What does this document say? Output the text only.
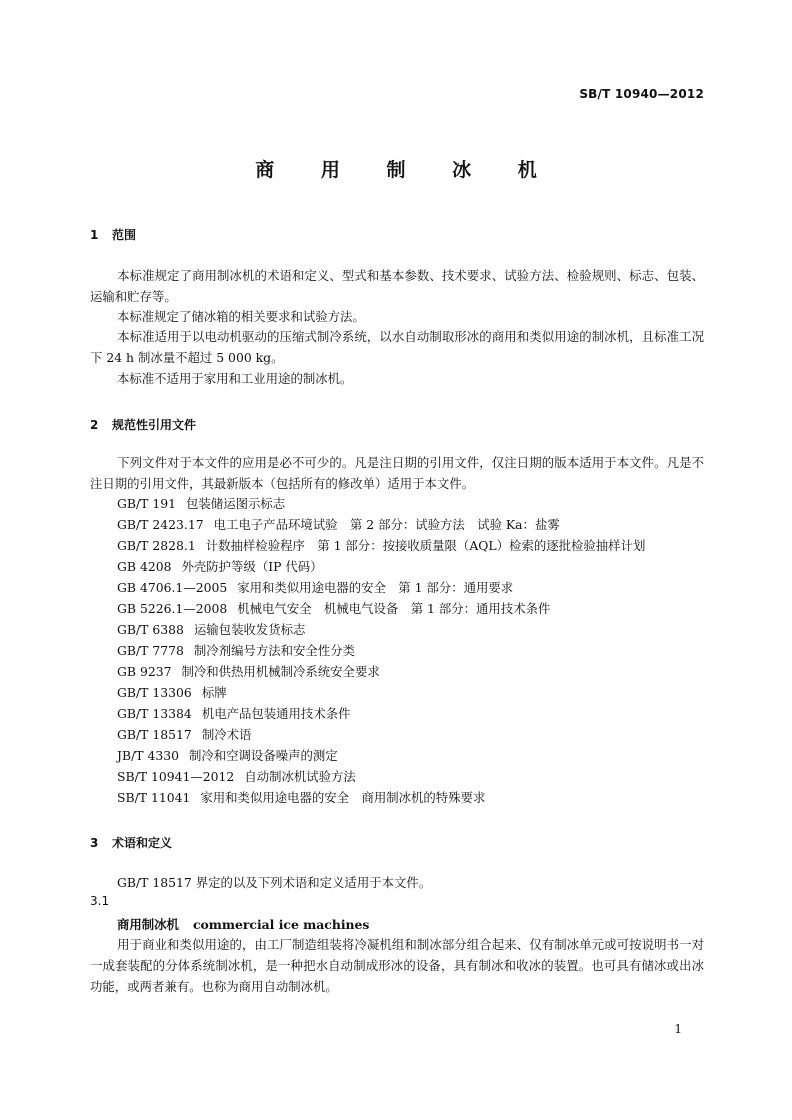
SB/T 10940—2012
商 用 制 冰 机
1 范围
本标准规定了商用制冰机的术语和定义、型式和基本参数、技术要求、试验方法、检验规则、标志、包装、运输和贮存等。
本标准规定了储冰箱的相关要求和试验方法。
本标准适用于以电动机驱动的压缩式制冷系统，以水自动制取形冰的商用和类似用途的制冰机，且标准工况下 24 h 制冰量不超过 5 000 kg。
本标准不适用于家用和工业用途的制冰机。
2 规范性引用文件
下列文件对于本文件的应用是必不可少的。凡是注日期的引用文件，仅注日期的版本适用于本文件。凡是不注日期的引用文件，其最新版本（包括所有的修改单）适用于本文件。
GB/T 191 包装储运图示标志
GB/T 2423.17 电工电子产品环境试验　第 2 部分：试验方法　试验 Ka：盐雾
GB/T 2828.1 计数抽样检验程序　第 1 部分：按接收质量限（AQL）检索的逐批检验抽样计划
GB 4208 外壳防护等级（IP 代码）
GB 4706.1—2005 家用和类似用途电器的安全　第 1 部分：通用要求
GB 5226.1—2008 机械电气安全　机械电气设备　第 1 部分：通用技术条件
GB/T 6388 运输包装收发货标志
GB/T 7778 制冷剂编号方法和安全性分类
GB 9237 制冷和供热用机械制冷系统安全要求
GB/T 13306 标牌
GB/T 13384 机电产品包装通用技术条件
GB/T 18517 制冷术语
JB/T 4330 制冷和空调设备噪声的测定
SB/T 10941—2012 自动制冰机试验方法
SB/T 11041 家用和类似用途电器的安全　商用制冰机的特殊要求
3 术语和定义
GB/T 18517 界定的以及下列术语和定义适用于本文件。
3.1
商用制冰机 commercial ice machines
用于商业和类似用途的，由工厂制造组装将冷凝机组和制冰部分组合起来、仅有制冰单元或可按说明书一对一成套装配的分体系统制冰机，是一种把水自动制成形冰的设备，具有制冰和收冰的装置。也可具有储冰或出冰功能，或两者兼有。也称为商用自动制冰机。
1
